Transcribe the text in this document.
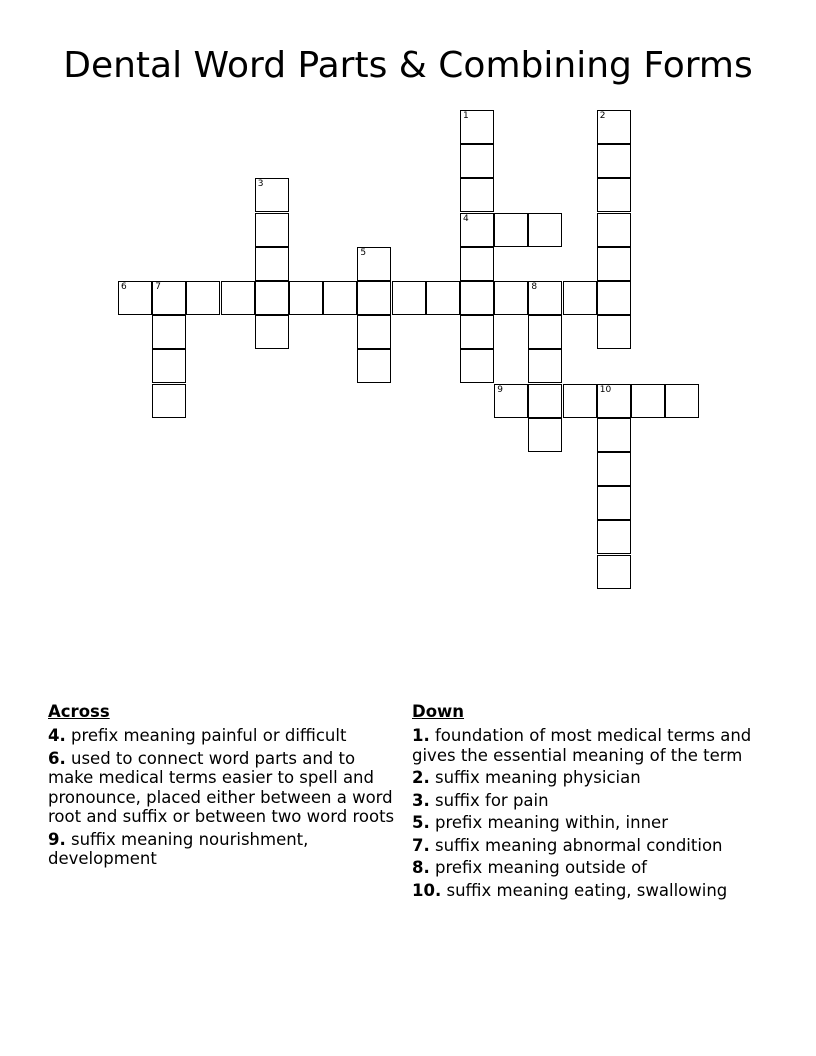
Dental Word Parts & Combining Forms
1
4
2
3
5
6	7	8
9	10
Across
4. prefix meaning painful or difficult
6. used to connect word parts and to make medical terms easier to spell and pronounce, placed either between a word root and suffix or between two word roots
9. suffix meaning nourishment, development
Down
1. foundation of most medical terms and gives the essential meaning of the term
2. suffix meaning physician
3. suffix for pain
5. prefix meaning within, inner
7. suffix meaning abnormal condition
8. prefix meaning outside of
10. suffix meaning eating, swallowing
